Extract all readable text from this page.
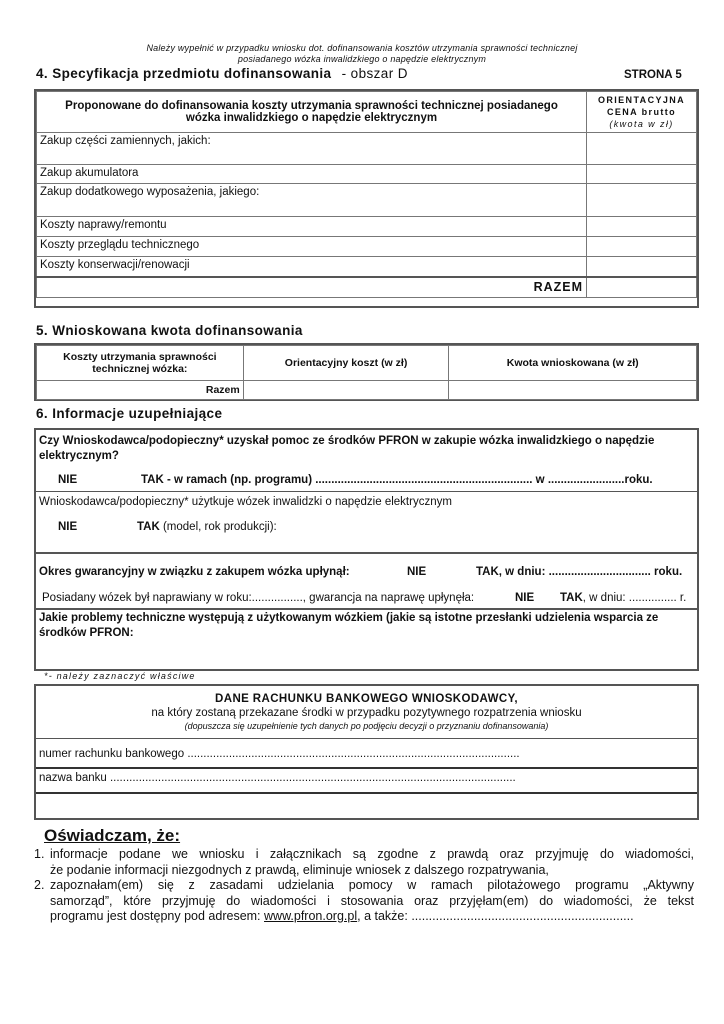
Należy wypełnić w przypadku wniosku dot. dofinansowania kosztów utrzymania sprawności technicznej
posiadanego wózka inwalidzkiego o napędzie elektrycznym
4. Specyfikacja przedmiotu dofinansowania - obszar D	STRONA 5
Proponowane do dofinansowania koszty utrzymania sprawności technicznej posiadanego wózka inwalidzkiego o napędzie elektrycznym	ORIENTACYJNA
CENA brutto
(kwota w zł)

Zakup części zamiennych, jakich:	
Zakup akumulatora	
Zakup dodatkowego wyposażenia, jakiego:	
Koszty naprawy/remontu	
Koszty przeglądu technicznego	
Koszty konserwacji/renowacji	
RAZEM	
5. Wnioskowana kwota dofinansowania
Koszty utrzymania sprawności technicznej wózka:	Orientacyjny koszt (w zł)	Kwota wnioskowana (w zł)
Razem		
6. Informacje uzupełniające
Czy Wnioskodawca/podopieczny* uzyskał pomoc ze środków PFRON w zakupie wózka inwalidzkiego o napędzie elektrycznym?
NIE	TAK - w ramach (np. programu) .................................................................... w ........................roku.
Wnioskodawca/podopieczny* użytkuje wózek inwalidzki o napędzie elektrycznym
NIE	TAK (model, rok produkcji):
Okres gwarancyjny w związku z zakupem wózka upłynął:	NIE	TAK, w dniu: ................................ roku.
Posiadany wózek był naprawiany w roku:................, gwarancja na naprawę upłynęła:	NIE TAK, w dniu: ............... r.
Jakie problemy techniczne występują z użytkowanym wózkiem (jakie są istotne przesłanki udzielenia wsparcia ze środków PFRON:
*- należy zaznaczyć właściwe
DANE RACHUNKU BANKOWEGO WNIOSKODAWCY,
na który zostaną przekazane środki w przypadku pozytywnego rozpatrzenia wniosku
(dopuszcza się uzupełnienie tych danych po podjęciu decyzji o przyznaniu dofinansowania)
numer rachunku bankowego ........................................................................................................
nazwa banku ...............................................................................................................................
Oświadczam, że:
1. informacje podane we wniosku i załącznikach są zgodne z prawdą oraz przyjmuję do wiadomości,
że podanie informacji niezgodnych z prawdą, eliminuje wniosek z dalszego rozpatrywania,
2. zapoznałam(em) się z zasadami udzielania pomocy w ramach pilotażowego programu „Aktywny
samorząd”, które przyjmuję do wiadomości i stosowania oraz przyjęłam(em) do wiadomości, że tekst
programu jest dostępny pod adresem: www.pfron.org.pl, a także: ................................................................
